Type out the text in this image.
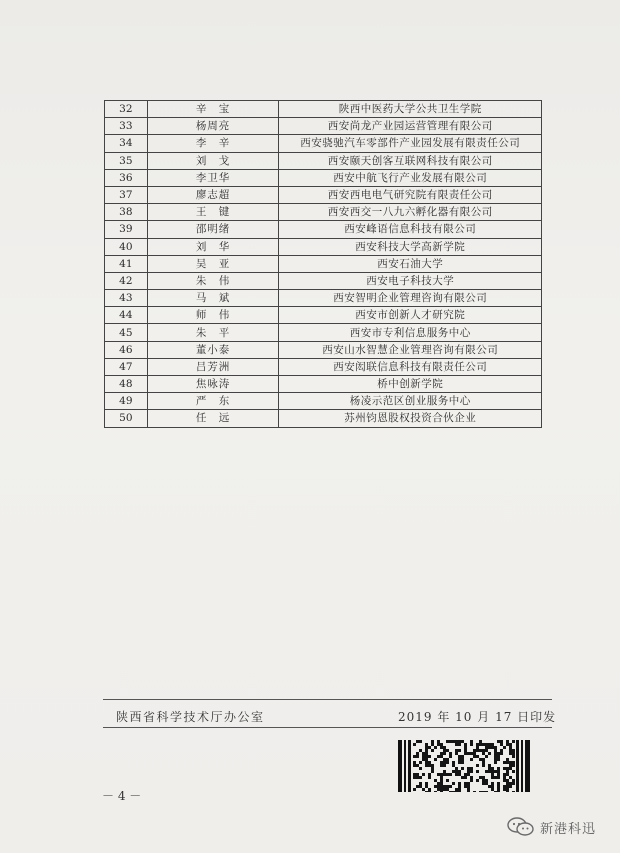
32	辛　宝	陕西中医药大学公共卫生学院
33	杨周亮	西安尚龙产业园运营管理有限公司
34	李　辛	西安骁驰汽车零部件产业园发展有限责任公司
35	刘　戈	西安颐天创客互联网科技有限公司
36	李卫华	西安中航飞行产业发展有限公司
37	廖志超	西安西电电气研究院有限责任公司
38	王　键	西安西交一八九六孵化器有限公司
39	邵明绪	西安峰语信息科技有限公司
40	刘　华	西安科技大学高新学院
41	吴　亚	西安石油大学
42	朱　伟	西安电子科技大学
43	马　斌	西安智明企业管理咨询有限公司
44	师　伟	西安市创新人才研究院
45	朱　平	西安市专利信息服务中心
46	董小泰	西安山水智慧企业管理咨询有限公司
47	吕芳洲	西安闳联信息科技有限责任公司
48	焦咏涛	桥中创新学院
49	严　东	杨凌示范区创业服务中心
50	任　远	苏州钧恩股权投资合伙企业
陕西省科学技术厅办公室	2019 年 10 月 17 日印发
－ 4 －
新港科迅
